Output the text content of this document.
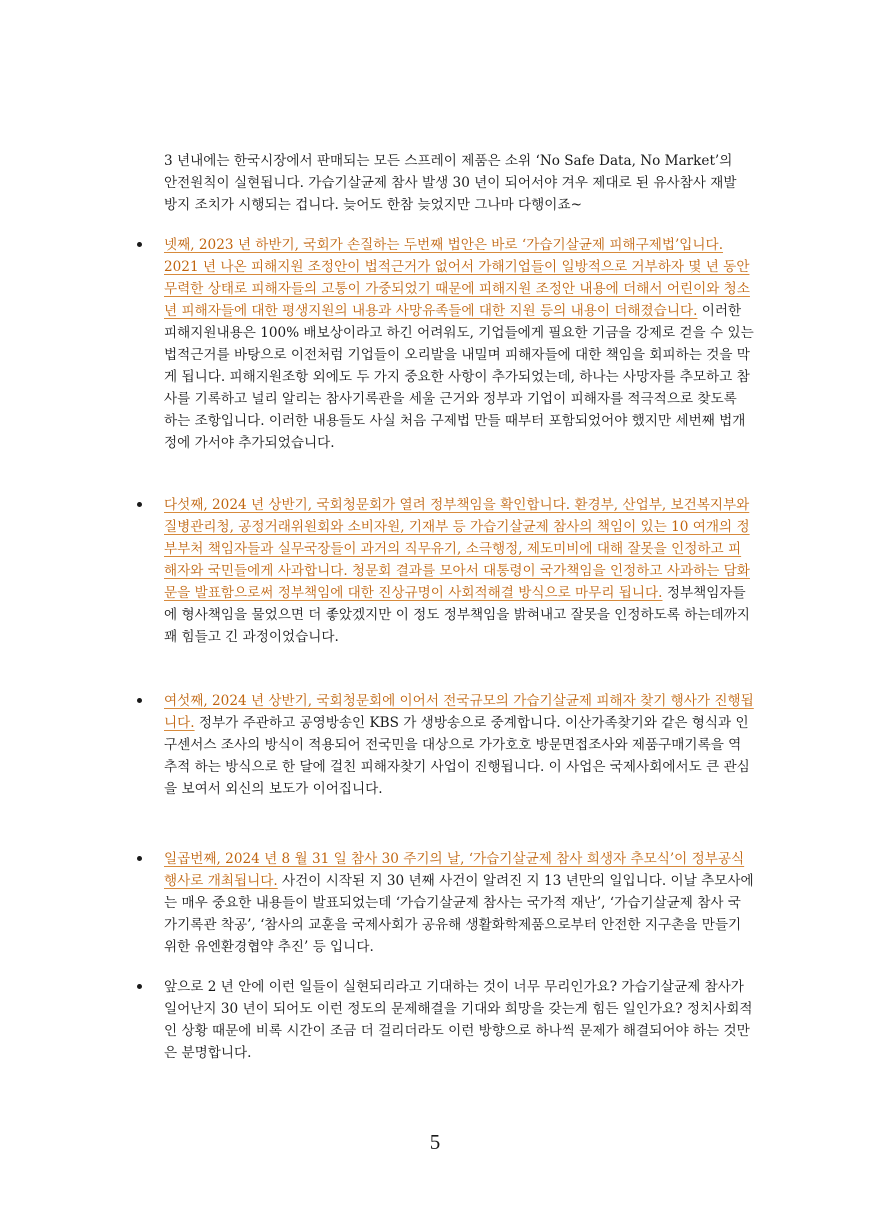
3 년내에는 한국시장에서 판매되는 모든 스프레이 제품은 소위 ‘No Safe Data, No Market’의 안전원칙이 실현됩니다. 가습기살균제 참사 발생 30 년이 되어서야 겨우 제대로 된 유사참사 재발방지 조치가 시행되는 겁니다. 늦어도 한참 늦었지만 그나마 다행이죠~

넷째, 2023 년 하반기, 국회가 손질하는 두번째 법안은 바로 ‘가습기살균제 피해구제법’입니다. 2021 년 나온 피해지원 조정안이 법적근거가 없어서 가해기업들이 일방적으로 거부하자 몇 년 동안 무력한 상태로 피해자들의 고통이 가중되었기 때문에 피해지원 조정안 내용에 더해서 어린이와 청소년 피해자들에 대한 평생지원의 내용과 사망유족들에 대한 지원 등의 내용이 더해졌습니다. 이러한 피해지원내용은 100% 배보상이라고 하긴 어려워도, 기업들에게 필요한 기금을 강제로 걷을 수 있는 법적근거를 바탕으로 이전처럼 기업들이 오리발을 내밀며 피해자들에 대한 책임을 회피하는 것을 막게 됩니다. 피해지원조항 외에도 두 가지 중요한 사항이 추가되었는데, 하나는 사망자를 추모하고 참사를 기록하고 널리 알리는 참사기록관을 세울 근거와 정부과 기업이 피해자를 적극적으로 찾도록 하는 조항입니다. 이러한 내용들도 사실 처음 구제법 만들 때부터 포함되었어야 했지만 세번째 법개정에 가서야 추가되었습니다.
다섯째, 2024 년 상반기, 국회청문회가 열려 정부책임을 확인합니다. 환경부, 산업부, 보건복지부와 질병관리청, 공정거래위원회와 소비자원, 기재부 등 가습기살균제 참사의 책임이 있는 10 여개의 정부부처 책임자들과 실무국장들이 과거의 직무유기, 소극행정, 제도미비에 대해 잘못을 인정하고 피해자와 국민들에게 사과합니다. 청문회 결과를 모아서 대통령이 국가책임을 인정하고 사과하는 담화문을 발표함으로써 정부책임에 대한 진상규명이 사회적해결 방식으로 마무리 됩니다. 정부책임자들에 형사책임을 물었으면 더 좋았겠지만 이 정도 정부책임을 밝혀내고 잘못을 인정하도록 하는데까지 꽤 힘들고 긴 과정이었습니다.
여섯째, 2024 년 상반기, 국회청문회에 이어서 전국규모의 가습기살균제 피해자 찾기 행사가 진행됩니다. 정부가 주관하고 공영방송인 KBS 가 생방송으로 중계합니다. 이산가족찾기와 같은 형식과 인구센서스 조사의 방식이 적용되어 전국민을 대상으로 가가호호 방문면접조사와 제품구매기록을 역추적 하는 방식으로 한 달에 걸친 피해자찾기 사업이 진행됩니다. 이 사업은 국제사회에서도 큰 관심을 보여서 외신의 보도가 이어집니다.
일곱번째, 2024 년 8 월 31 일 참사 30 주기의 날, ‘가습기살균제 참사 희생자 추모식’이 정부공식행사로 개최됩니다. 사건이 시작된 지 30 년째 사건이 알려진 지 13 년만의 일입니다. 이날 추모사에는 매우 중요한 내용들이 발표되었는데 ‘가습기살균제 참사는 국가적 재난’, ‘가습기살균제 참사 국가기록관 착공’, ‘참사의 교훈을 국제사회가 공유해 생활화학제품으로부터 안전한 지구촌을 만들기 위한 유엔환경협약 추진’ 등 입니다.
앞으로 2 년 안에 이런 일들이 실현되리라고 기대하는 것이 너무 무리인가요? 가습기살균제 참사가 일어난지 30 년이 되어도 이런 정도의 문제해결을 기대와 희망을 갖는게 힘든 일인가요? 정치사회적인 상황 때문에 비록 시간이 조금 더 걸리더라도 이런 방향으로 하나씩 문제가 해결되어야 하는 것만은 분명합니다.
5
